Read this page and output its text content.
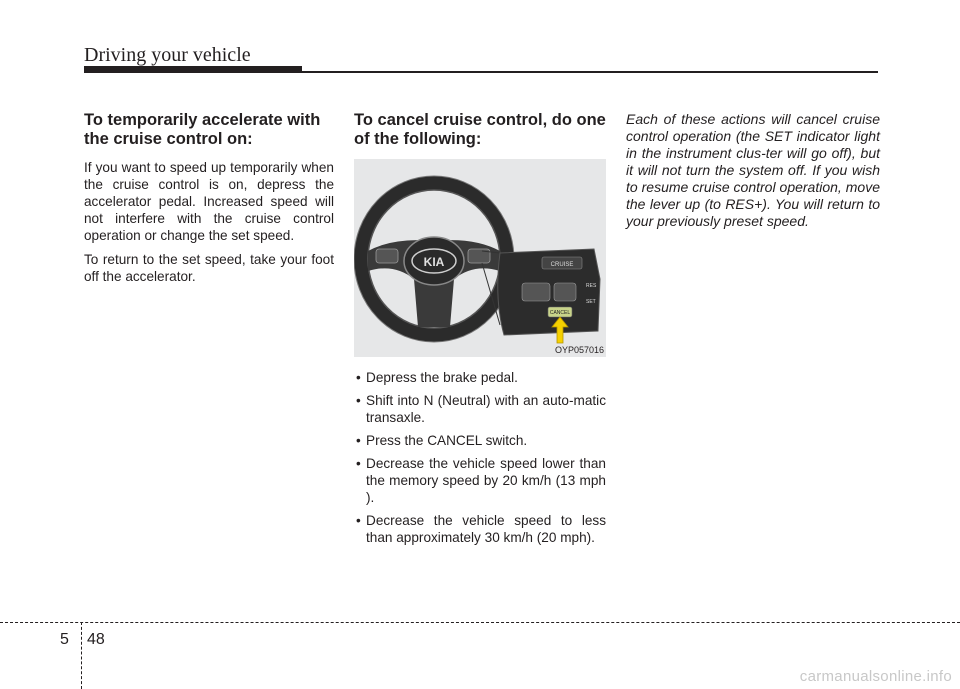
Driving your vehicle
To temporarily accelerate with the cruise control on:

If you want to speed up temporarily when the cruise control is on, depress the accelerator pedal. Increased speed will not interfere with the cruise control operation or change the set speed.

To return to the set speed, take your foot off the accelerator.

To cancel cruise control, do one of the following:
KIA	CRUISE
RES
SET
CANCEL
OYP057016
• Depress the brake pedal.
• Shift into N (Neutral) with an auto-matic transaxle.
• Press the CANCEL switch.
• Decrease the vehicle speed lower than the memory speed by 20 km/h (13 mph ).
• Decrease the vehicle speed to less than approximately 30 km/h (20 mph).

Each of these actions will cancel cruise control operation (the SET indicator light in the instrument clus-ter will go off), but it will not turn the system off. If you wish to resume cruise control operation, move the lever up (to RES+). You will return to your previously preset speed.

5 48
carmanualsonline.info
